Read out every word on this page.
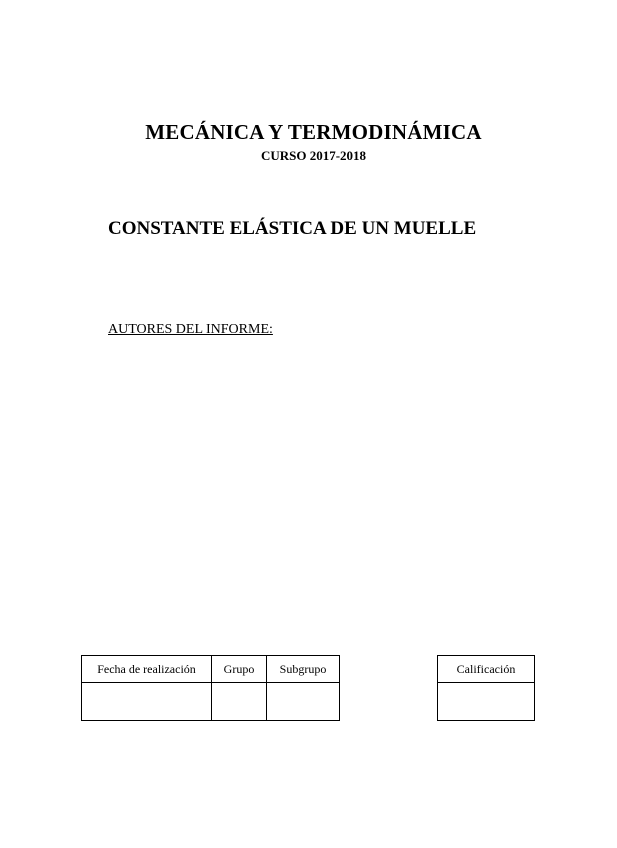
MECÁNICA Y TERMODINÁMICA
CURSO 2017-2018
CONSTANTE ELÁSTICA DE UN MUELLE
AUTORES DEL INFORME:
Fecha de realización	Grupo	Subgrupo
			Calificación
